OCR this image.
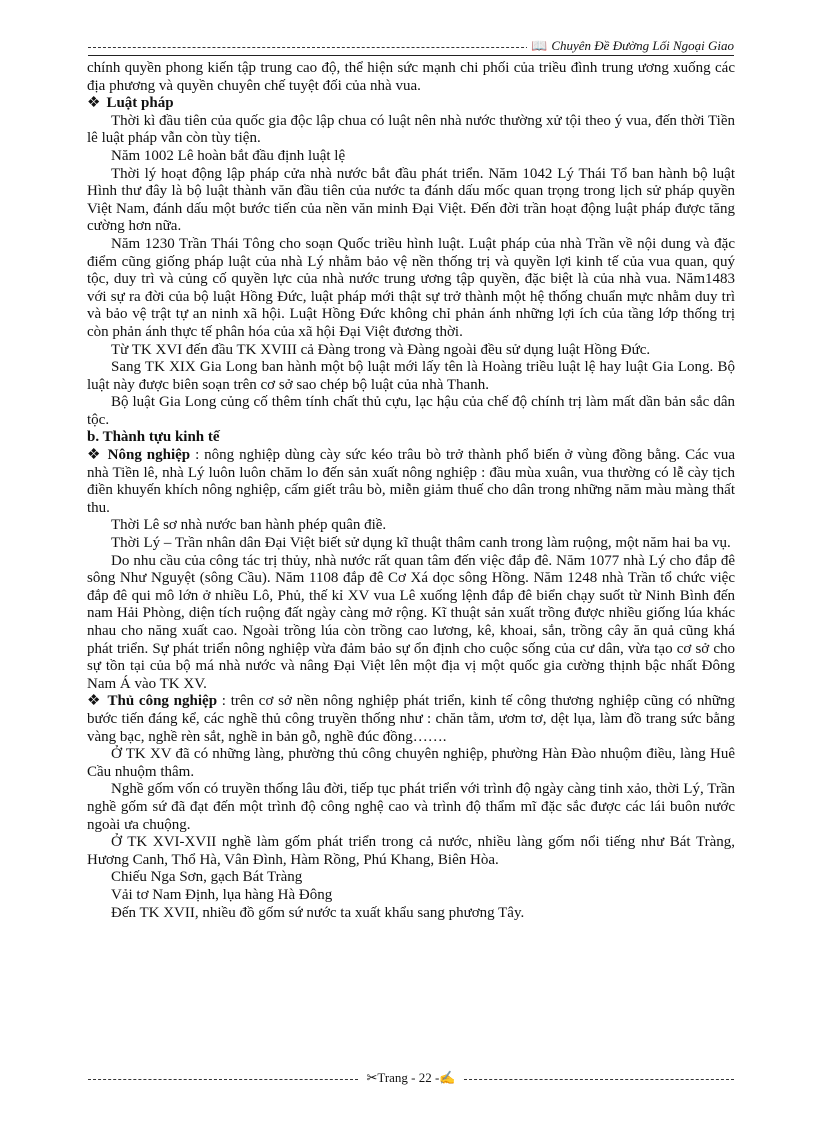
📖 Chuyên Đề Đường Lối Ngoại Giao

chính quyền phong kiến tập trung cao độ, thể hiện sức mạnh chi phối của triều đình trung ương xuống các địa phương và quyền chuyên chế tuyệt đối của nhà vua.

❖ Luật pháp

Thời kì đầu tiên của quốc gia độc lập chua có luật nên nhà nước thường xử tội theo ý vua, đến thời Tiền lê luật pháp vẫn còn tùy tiện.

Năm 1002 Lê hoàn bắt đầu định luật lệ

Thời lý hoạt động lập pháp cửa nhà nước bắt đầu phát triển. Năm 1042 Lý Thái Tổ ban hành bộ luật Hình thư đây là bộ luật thành văn đầu tiên của nước ta đánh dấu mốc quan trọng trong lịch sử pháp quyền Việt Nam, đánh dấu một bước tiến của nền văn minh Đại Việt. Đến đời trần hoạt động luật pháp được tăng cường hơn nữa.

Năm 1230 Trần Thái Tông cho soạn Quốc triều hình luật. Luật pháp của nhà Trần về nội dung và đặc điểm cũng giống pháp luật của nhà Lý nhằm bảo vệ nền thống trị và quyền lợi kinh tế của vua quan, quý tộc, duy trì và củng cố quyền lực của nhà nước trung ương tập quyền, đặc biệt là của nhà vua. Năm1483 với sự ra đời của bộ luật Hồng Đức, luật pháp mới thật sự trở thành một hệ thống chuẩn mực nhằm duy trì và bảo vệ trật tự an ninh xã hội. Luật Hồng Đức không chỉ phản ánh những lợi ích của tầng lớp thống trị còn phản ánh thực tế phân hóa của xã hội Đại Việt đương thời.

Từ TK XVI đến đầu TK XVIII cả Đàng trong và Đàng ngoài đều sử dụng luật Hồng Đức.

Sang TK XIX Gia Long ban hành một bộ luật mới lấy tên là Hoàng triều luật lệ hay luật Gia Long. Bộ luật này được biên soạn trên cơ sở sao chép bộ luật của nhà Thanh.

Bộ luật Gia Long củng cố thêm tính chất thủ cựu, lạc hậu của chế độ chính trị làm mất dần bản sắc dân tộc.

b. Thành tựu kinh tế

❖ Nông nghiệp : nông nghiệp dùng cày sức kéo trâu bò trở thành phổ biến ở vùng đồng bằng. Các vua nhà Tiền lê, nhà Lý luôn luôn chăm lo đến sản xuất nông nghiệp : đầu mùa xuân, vua thường có lễ cày tịch điền khuyến khích nông nghiệp, cấm giết trâu bò, miễn giảm thuế cho dân trong những năm màu màng thất thu.

Thời Lê sơ nhà nước ban hành phép quân điề.

Thời Lý – Trần nhân dân Đại Việt biết sử dụng kĩ thuật thâm canh trong làm ruộng, một năm hai ba vụ.

Do nhu cầu của công tác trị thủy, nhà nước rất quan tâm đến việc đắp đê. Năm 1077 nhà Lý cho đắp đê sông Như Nguyệt (sông Cầu). Năm 1108 đắp đê Cơ Xá dọc sông Hồng. Năm 1248 nhà Trần tổ chức việc đắp đê qui mô lớn ở nhiều Lô, Phủ, thế kỉ XV vua Lê xuống lệnh đắp đê biển chạy suốt từ Ninh Bình đến nam Hải Phòng, diện tích ruộng đất ngày càng mở rộng. Kĩ thuật sản xuất trồng được nhiều giống lúa khác nhau cho năng xuất cao. Ngoài trồng lúa còn trồng cao lương, kê, khoai, sắn, trồng cây ăn quả cũng khá phát triển. Sự phát triển nông nghiệp vừa đảm bảo sự ổn định cho cuộc sống của cư dân, vừa tạo cơ sở cho sự tồn tại của bộ má nhà nước và nâng Đại Việt lên một địa vị một quốc gia cường thịnh bậc nhất Đông Nam Á vào TK XV.

❖ Thủ công nghiệp : trên cơ sở nền nông nghiệp phát triển, kinh tế công thương nghiệp cũng có những bước tiến đáng kể, các nghề thủ công truyền thống như : chăn tằm, ươm tơ, dệt lụa, làm đồ trang sức bằng vàng bạc, nghề rèn sắt, nghề in bản gỗ, nghề đúc đồng…….

Ở TK XV đã có những làng, phường thủ công chuyên nghiệp, phường Hàn Đào nhuộm điều, làng Huê Cầu nhuộm thâm.

Nghề gốm vốn có truyền thống lâu đời, tiếp tục phát triển với trình độ ngày càng tinh xảo, thời Lý, Trần nghề gốm sứ đã đạt đến một trình độ công nghệ cao và trình độ thẩm mĩ đặc sắc được các lái buôn nước ngoài ưa chuộng.

Ở TK XVI-XVII nghề làm gốm phát triển trong cả nước, nhiều làng gốm nổi tiếng như Bát Tràng, Hương Canh, Thổ Hà, Vân Đình, Hàm Rồng, Phú Khang, Biên Hòa.

Chiếu Nga Sơn, gạch Bát Tràng

Vải tơ Nam Định, lụa hàng Hà Đông

Đến TK XVII, nhiều đồ gốm sứ nước ta xuất khẩu sang phương Tây.

✂Trang - 22 -✍
